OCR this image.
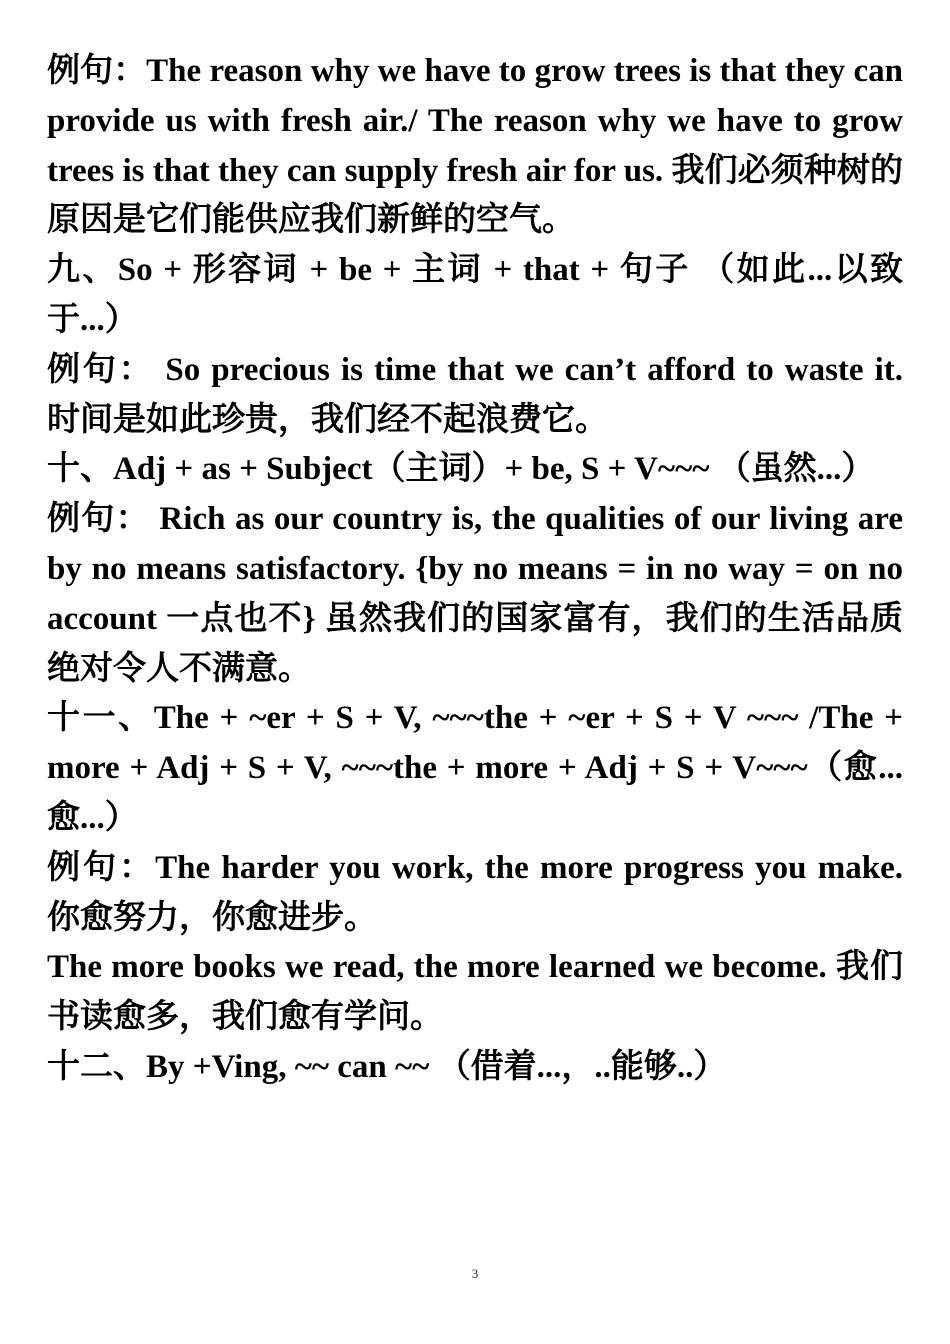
例句：The reason why we have to grow trees is that they can provide us with fresh air./ The reason why we have to grow trees is that they can supply fresh air for us. 我们必须种树的原因是它们能供应我们新鲜的空气。

九、So + 形容词 + be + 主词 + that + 句子 （如此...以致于...）

例句： So precious is time that we can’t afford to waste it. 时间是如此珍贵，我们经不起浪费它。

十、Adj + as + Subject（主词）+ be, S + V~~~ （虽然...）

例句： Rich as our country is, the qualities of our living are by no means satisfactory. {by no means = in no way = on no account 一点也不} 虽然我们的国家富有，我们的生活品质绝对令人不满意。

十一、The + ~er + S + V, ~~~the + ~er + S + V ~~~ /The + more + Adj + S + V, ~~~the + more + Adj + S + V~~~（愈...愈...）

例句：The harder you work, the more progress you make. 你愈努力，你愈进步。

The more books we read, the more learned we become. 我们书读愈多，我们愈有学问。

十二、By +Ving, ~~ can ~~ （借着...，..能够..）

3
